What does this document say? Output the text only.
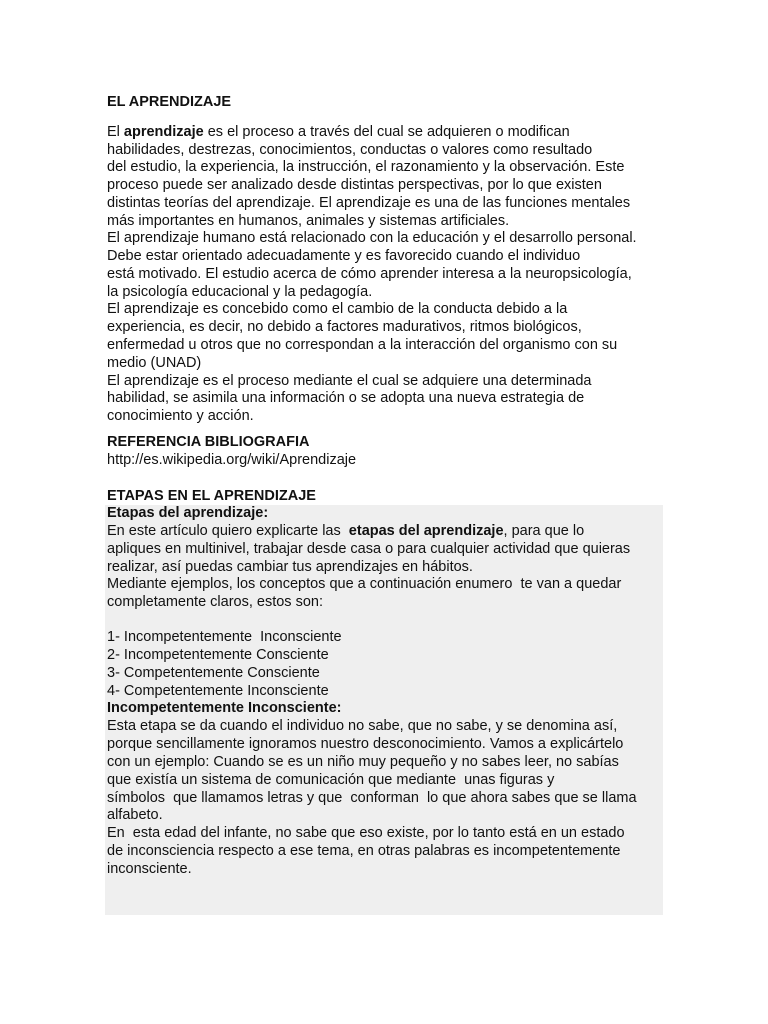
EL APRENDIZAJE

El aprendizaje es el proceso a través del cual se adquieren o modifican

habilidades, destrezas, conocimientos, conductas o valores como resultado

del estudio, la experiencia, la instrucción, el razonamiento y la observación. Este

proceso puede ser analizado desde distintas perspectivas, por lo que existen

distintas teorías del aprendizaje. El aprendizaje es una de las funciones mentales

más importantes en humanos, animales y sistemas artificiales.

El aprendizaje humano está relacionado con la educación y el desarrollo personal.

Debe estar orientado adecuadamente y es favorecido cuando el individuo

está motivado. El estudio acerca de cómo aprender interesa a la neuropsicología,

la psicología educacional y la pedagogía.

El aprendizaje es concebido como el cambio de la conducta debido a la

experiencia, es decir, no debido a factores madurativos, ritmos biológicos,

enfermedad u otros que no correspondan a la interacción del organismo con su

medio (UNAD)

El aprendizaje es el proceso mediante el cual se adquiere una determinada

habilidad, se asimila una información o se adopta una nueva estrategia de

conocimiento y acción.

REFERENCIA BIBLIOGRAFIA

http://es.wikipedia.org/wiki/Aprendizaje

ETAPAS EN EL APRENDIZAJE

Etapas del aprendizaje:

En este artículo quiero explicarte las  etapas del aprendizaje, para que lo

apliques en multinivel, trabajar desde casa o para cualquier actividad que quieras

realizar, así puedas cambiar tus aprendizajes en hábitos.

Mediante ejemplos, los conceptos que a continuación enumero  te van a quedar

completamente claros, estos son:

1- Incompetentemente  Inconsciente

2- Incompetentemente Consciente

3- Competentemente Consciente

4- Competentemente Inconsciente

Incompetentemente Inconsciente:

Esta etapa se da cuando el individuo no sabe, que no sabe, y se denomina así,

porque sencillamente ignoramos nuestro desconocimiento. Vamos a explicártelo

con un ejemplo: Cuando se es un niño muy pequeño y no sabes leer, no sabías

que existía un sistema de comunicación que mediante  unas figuras y

símbolos  que llamamos letras y que  conforman  lo que ahora sabes que se llama

alfabeto.

En  esta edad del infante, no sabe que eso existe, por lo tanto está en un estado

de inconsciencia respecto a ese tema, en otras palabras es incompetentemente

inconsciente.
